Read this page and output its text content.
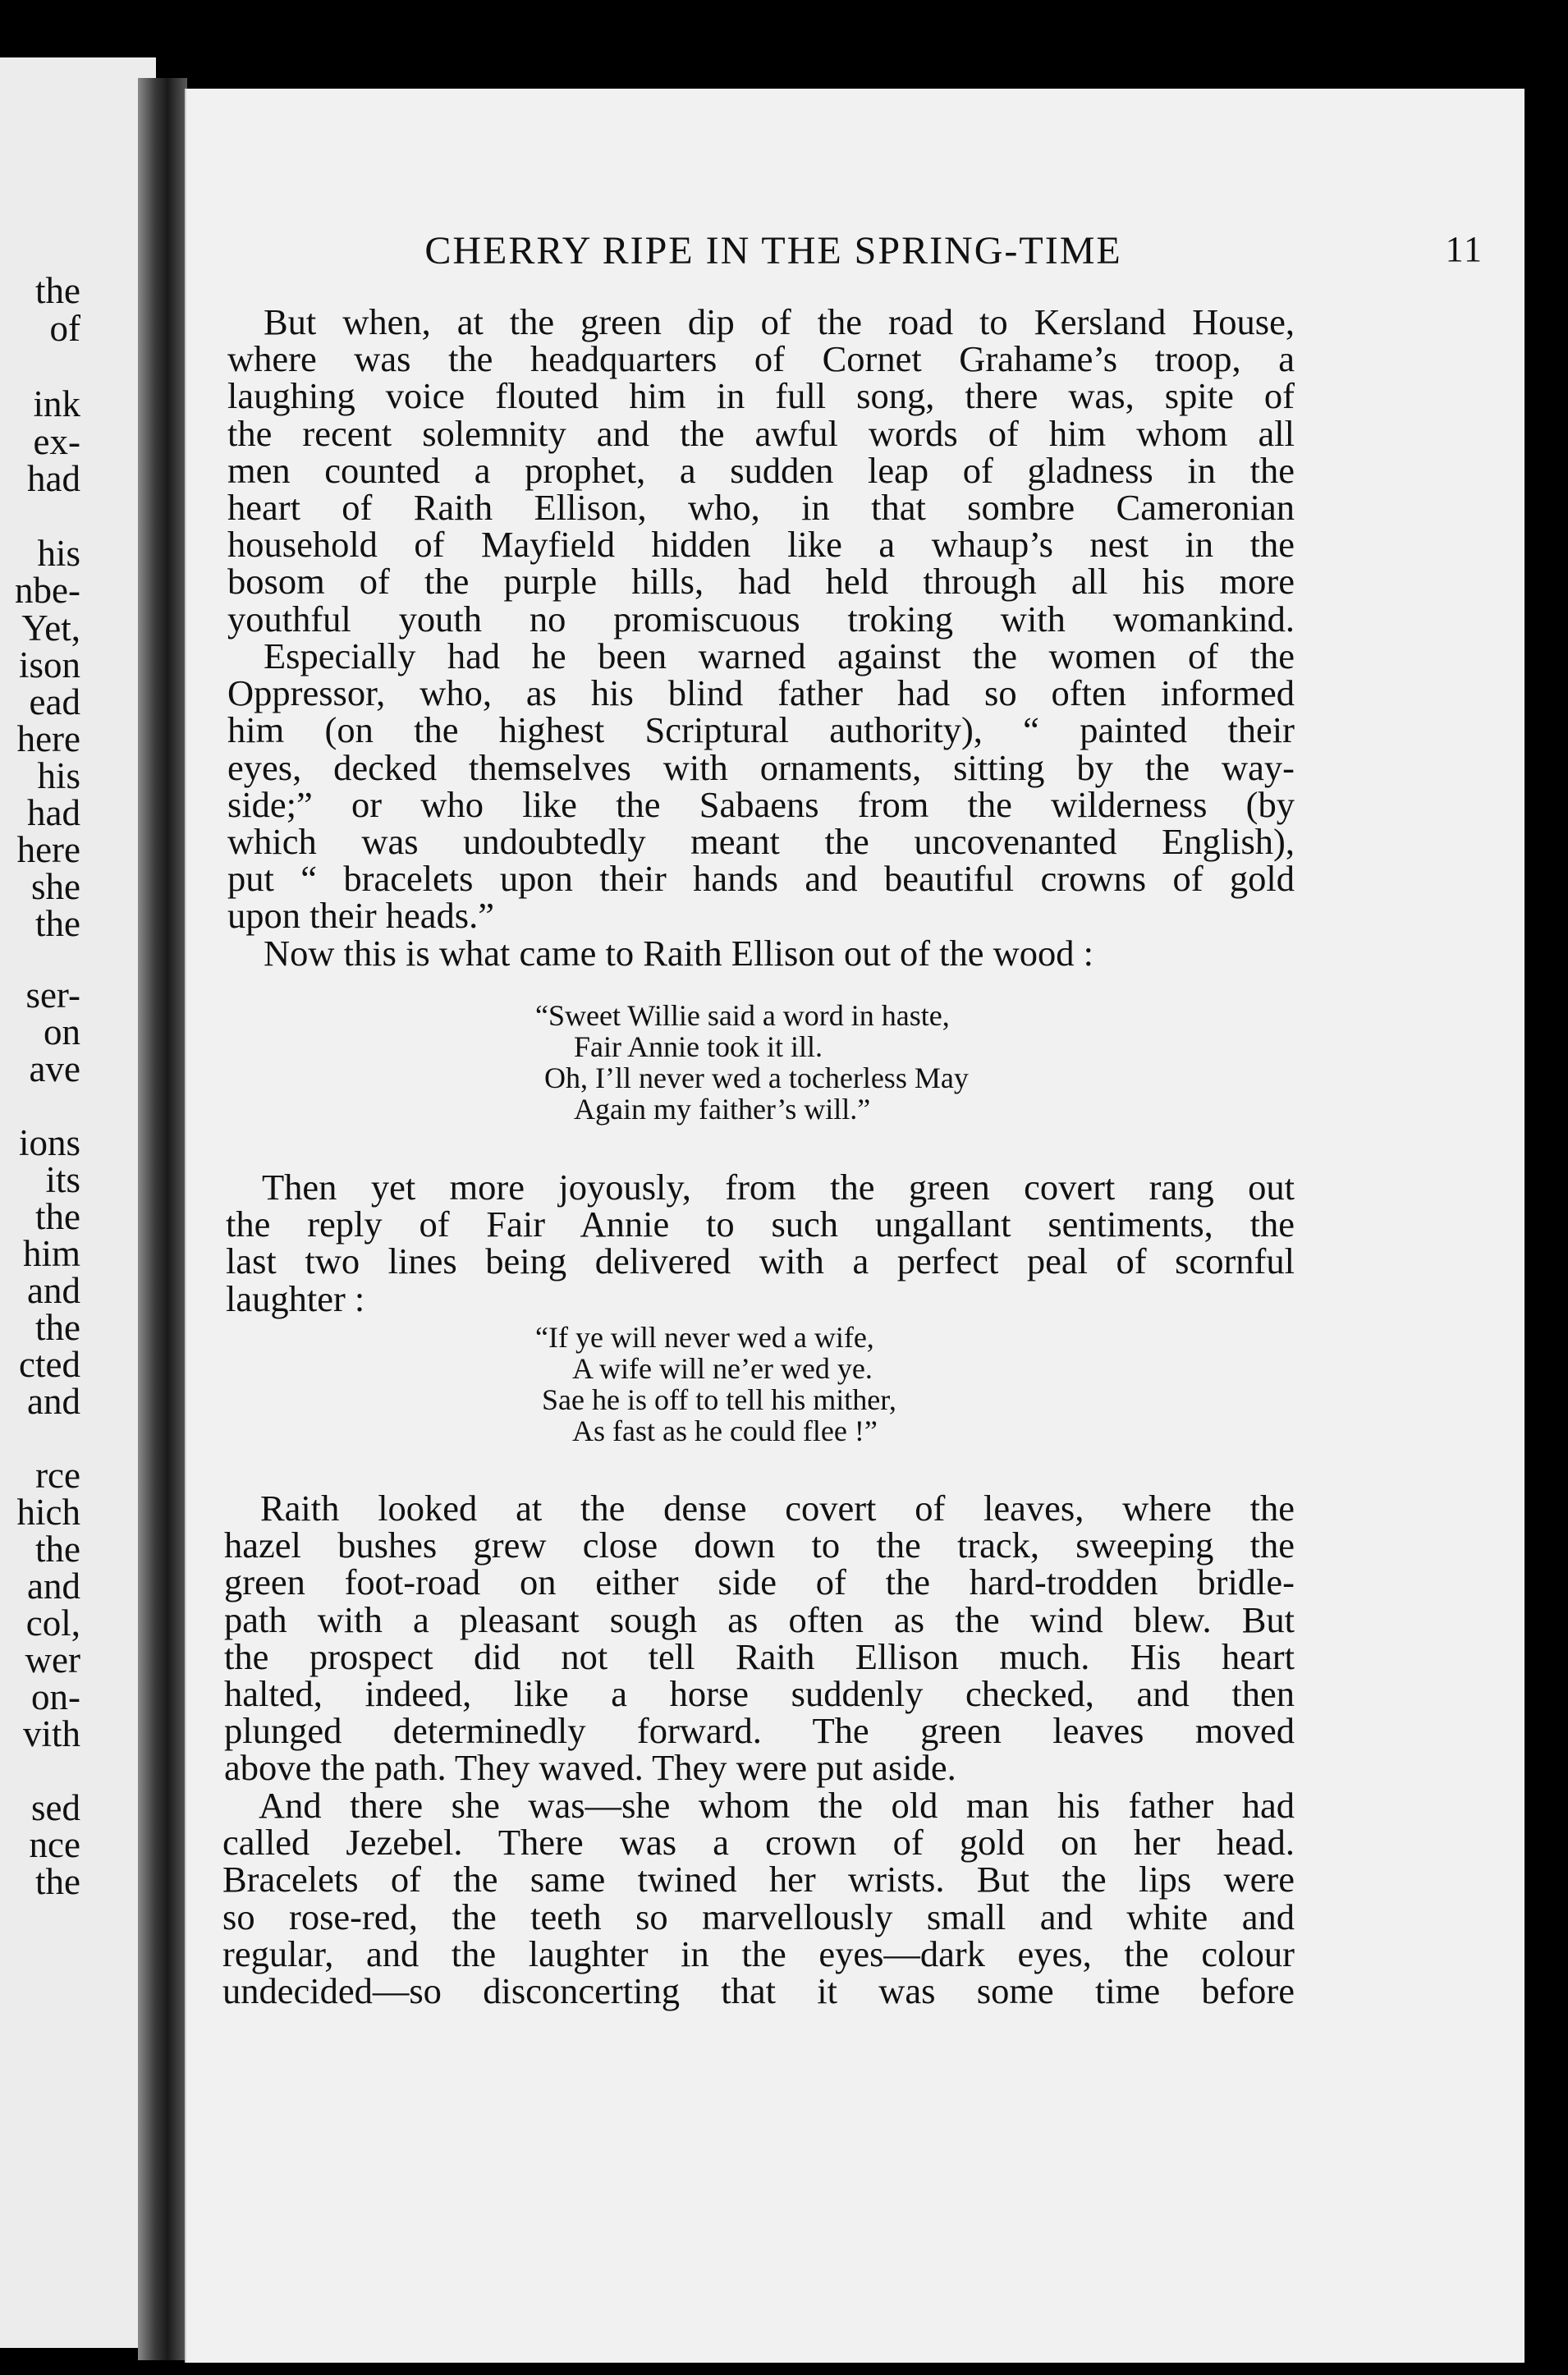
the
of
ink
ex-
had
his
nbe-
Yet,
ison
ead
here
his
had
here
she
the
ser-
on
ave
ions
its
the
him
and
the
cted
and
rce
hich
the
and
col,
wer
on-
vith
sed
nce
the
CHERRY RIPE IN THE SPRING-TIME	11
But when, at the green dip of the road to Kersland House,
where was the headquarters of Cornet Grahame’s troop, a
laughing voice flouted him in full song, there was, spite of
the recent solemnity and the awful words of him whom all
men counted a prophet, a sudden leap of gladness in the
heart of Raith Ellison, who, in that sombre Cameronian
household of Mayfield hidden like a whaup’s nest in the
bosom of the purple hills, had held through all his more
youthful youth no promiscuous troking with womankind.
Especially had he been warned against the women of the
Oppressor, who, as his blind father had so often informed
him (on the highest Scriptural authority), “ painted their
eyes, decked themselves with ornaments, sitting by the way-
side;” or who like the Sabaens from the wilderness (by
which was undoubtedly meant the uncovenanted English),
put “ bracelets upon their hands and beautiful crowns of gold
upon their heads.”
Now this is what came to Raith Ellison out of the wood :
“Sweet Willie said a word in haste,
Fair Annie took it ill.
Oh, I’ll never wed a tocherless May
Again my faither’s will.”
Then yet more joyously, from the green covert rang out
the reply of Fair Annie to such ungallant sentiments, the
last two lines being delivered with a perfect peal of scornful
laughter :
“If ye will never wed a wife,
A wife will ne’er wed ye.
Sae he is off to tell his mither,
As fast as he could flee !”
Raith looked at the dense covert of leaves, where the
hazel bushes grew close down to the track, sweeping the
green foot-road on either side of the hard-trodden bridle-
path with a pleasant sough as often as the wind blew. But
the prospect did not tell Raith Ellison much. His heart
halted, indeed, like a horse suddenly checked, and then
plunged determinedly forward. The green leaves moved
above the path. They waved. They were put aside.
And there she was—she whom the old man his father had
called Jezebel. There was a crown of gold on her head.
Bracelets of the same twined her wrists. But the lips were
so rose-red, the teeth so marvellously small and white and
regular, and the laughter in the eyes—dark eyes, the colour
undecided—so disconcerting that it was some time before
